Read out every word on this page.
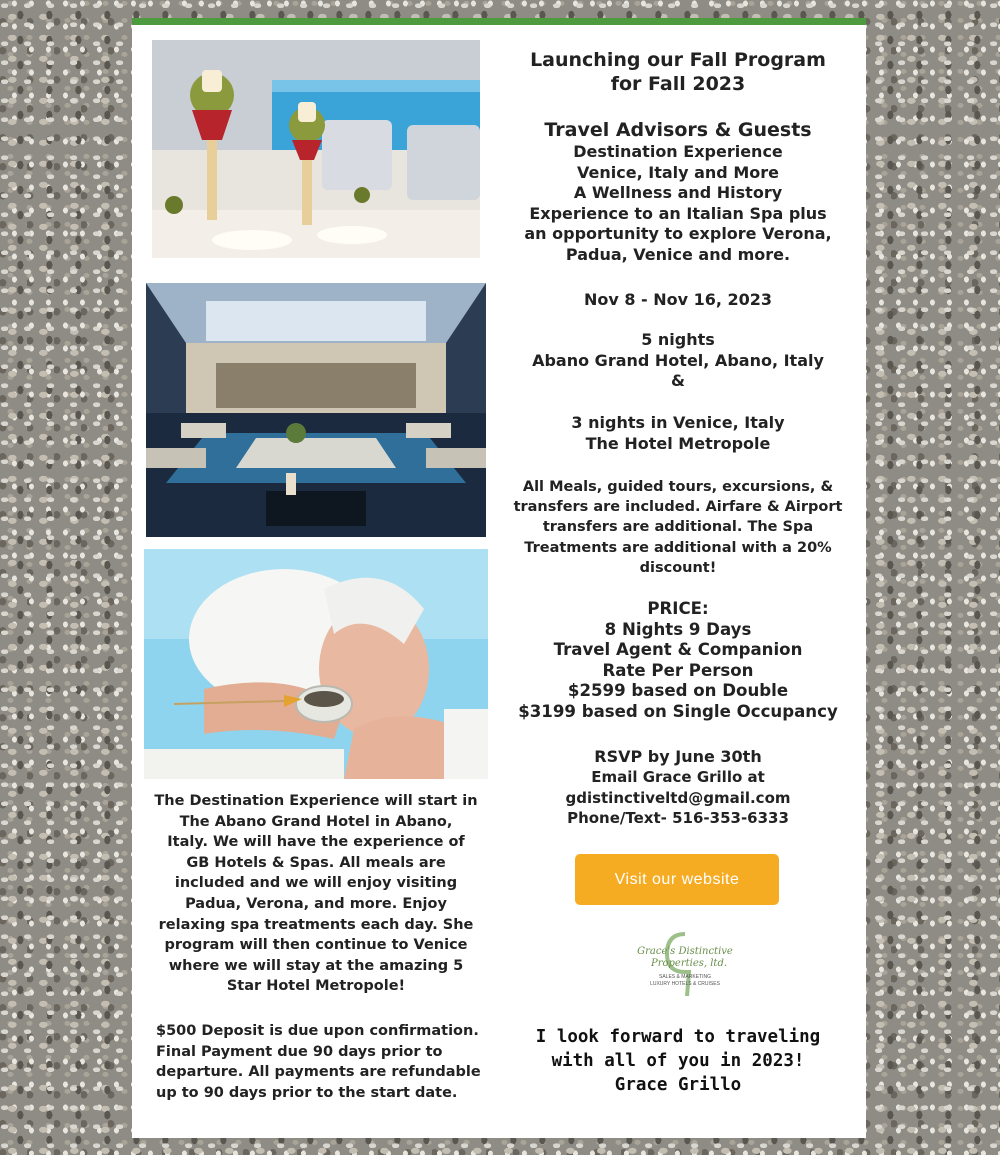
The Destination Experience will start in
The Abano Grand Hotel in Abano,
Italy. We will have the experience of
GB Hotels & Spas. All meals are
included and we will enjoy visiting
Padua, Verona, and more. Enjoy
relaxing spa treatments each day. She
program will then continue to Venice
where we will stay at the amazing 5
Star Hotel Metropole!
$500 Deposit is due upon confirmation.
Final Payment due 90 days prior to
departure. All payments are refundable
up to 90 days prior to the start date.
Launching our Fall Program
for Fall 2023
Travel Advisors & Guests
Destination Experience
Venice, Italy and More
A Wellness and History
Experience to an Italian Spa plus
an opportunity to explore Verona,
Padua, Venice and more.
Nov 8 - Nov 16, 2023
5 nights
Abano Grand Hotel, Abano, Italy
&
3 nights in Venice, Italy
The Hotel Metropole
All Meals, guided tours, excursions, &
transfers are included. Airfare & Airport
transfers are additional. The Spa
Treatments are additional with a 20%
discount!
PRICE:
8 Nights 9 Days
Travel Agent & Companion
Rate Per Person
$2599 based on Double
$3199 based on Single Occupancy
RSVP by June 30th
Email Grace Grillo at
gdistinctiveltd@gmail.com
Phone/Text- 516-353-6333
Visit our website
Grace's Distinctive
Properties, ltd.
SALES & MARKETING
LUXURY HOTELS & CRUISES
I look forward to traveling
with all of you in 2023!
Grace Grillo
